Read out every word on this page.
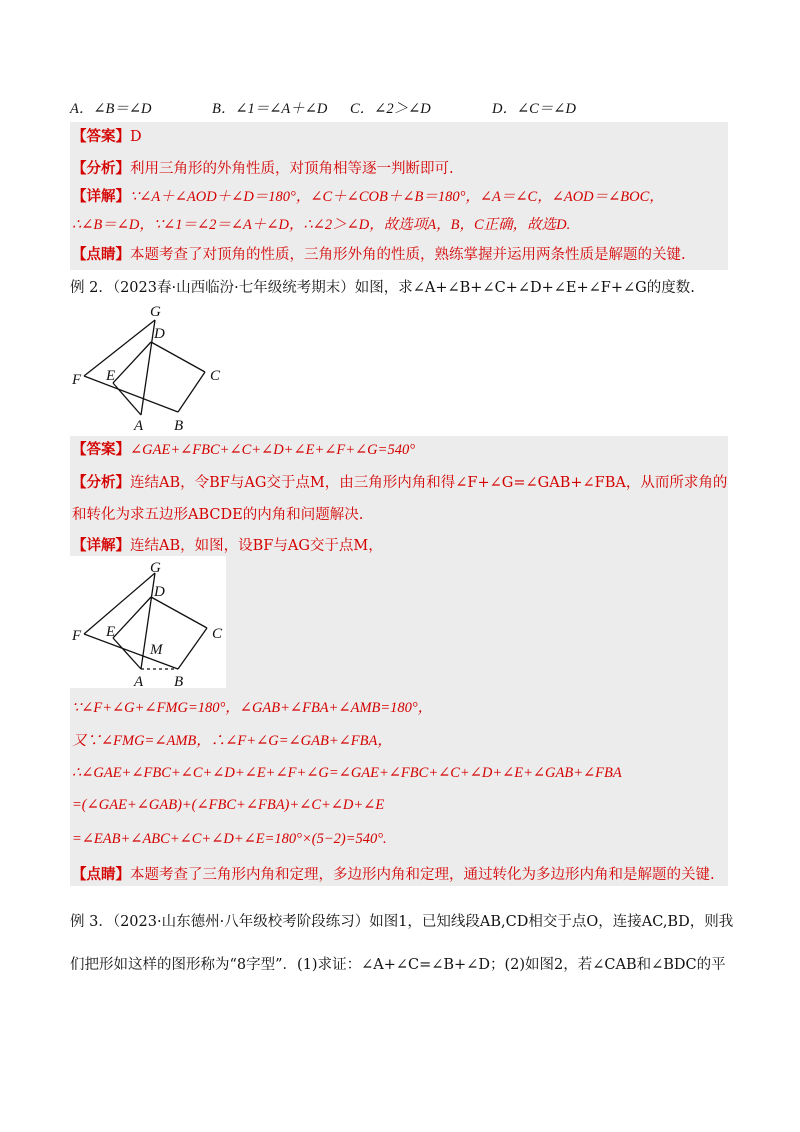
A．∠B＝∠D	B．∠1＝∠A＋∠D C．∠2＞∠D	D．∠C＝∠D
【答案】D
【分析】利用三角形的外角性质，对顶角相等逐一判断即可.
【详解】∵∠A＋∠AOD＋∠D＝180°，∠C＋∠COB＋∠B＝180°，∠A＝∠C，∠AOD＝∠BOC，
∴∠B＝∠D，∵∠1＝∠2＝∠A＋∠D，∴∠2＞∠D，故选项A，B，C正确，故选D.
【点睛】本题考查了对顶角的性质，三角形外角的性质，熟练掌握并运用两条性质是解题的关键.
例 2．（2023春·山西临汾·七年级统考期末）如图，求∠A+∠B+∠C+∠D+∠E+∠F+∠G的度数.
G
D
F E	C
A B
【答案】∠GAE+∠FBC+∠C+∠D+∠E+∠F+∠G=540°
【分析】连结AB，令BF与AG交于点M，由三角形内角和得∠F+∠G=∠GAB+∠FBA，从而所求角的
和转化为求五边形ABCDE的内角和问题解决.
【详解】连结AB，如图，设BF与AG交于点M，
G
D
F E	C
M
A B
∵∠F+∠G+∠FMG=180°，∠GAB+∠FBA+∠AMB=180°，
又∵∠FMG=∠AMB，∴∠F+∠G=∠GAB+∠FBA，
∴∠GAE+∠FBC+∠C+∠D+∠E+∠F+∠G=∠GAE+∠FBC+∠C+∠D+∠E+∠GAB+∠FBA
=(∠GAE+∠GAB)+(∠FBC+∠FBA)+∠C+∠D+∠E
=∠EAB+∠ABC+∠C+∠D+∠E=180°×(5−2)=540°.
【点睛】本题考查了三角形内角和定理，多边形内角和定理，通过转化为多边形内角和是解题的关键.
例 3．（2023·山东德州·八年级校考阶段练习）如图1，已知线段AB,CD相交于点O，连接AC,BD，则我
们把形如这样的图形称为“8字型”．(1)求证：∠A+∠C=∠B+∠D；(2)如图2，若∠CAB和∠BDC的平
